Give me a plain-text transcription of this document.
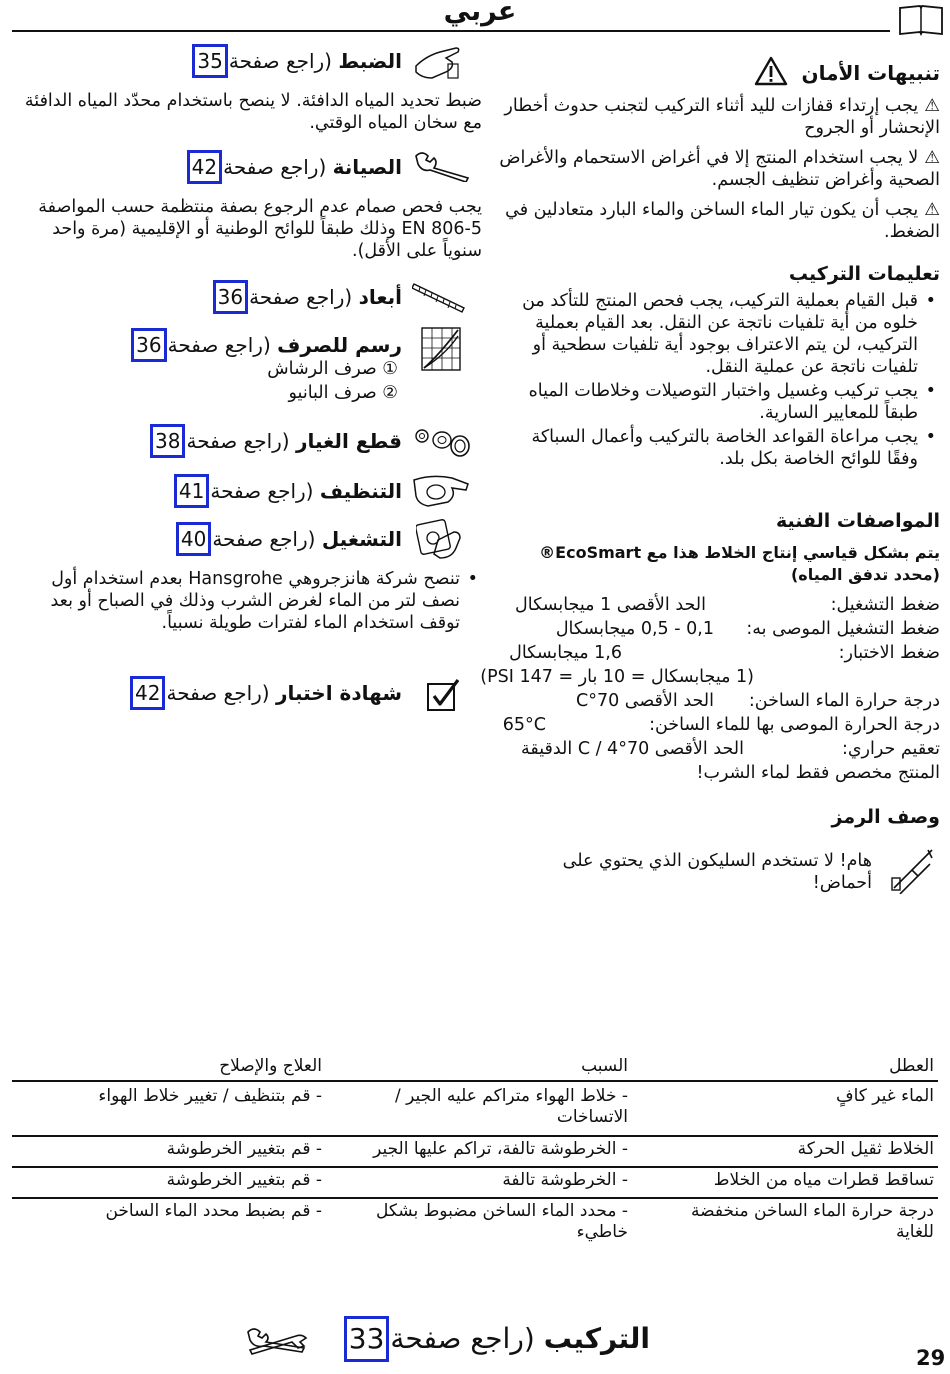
عربي
تنبيهات الأمان
⚠يجب إرتداء قفازات لليد أثناء التركيب لتجنب حدوث أخطار الإنحشار أو الجروح
⚠لا يجب استخدام المنتج إلا في أغراض الاستحمام والأغراض الصحية وأغراض تنظيف الجسم.
⚠يجب أن يكون تيار الماء الساخن والماء البارد متعادلين في الضغط.
تعليمات التركيب
• قبل القيام بعملية التركيب، يجب فحص المنتج للتأكد من خلوه من أية تلفيات ناتجة عن النقل. بعد القيام بعملية التركيب، لن يتم الاعتراف بوجود أية تلفيات سطحية أو تلفيات ناتجة عن عملية النقل.
• يجب تركيب وغسيل واختبار التوصيلات وخلاطات المياه طبقاً للمعايير السارية.
• يجب مراعاة القواعد الخاصة بالتركيب وأعمال السباكة وفقًا للوائح الخاصة بكل بلد.
المواصفات الفنية
يتم بشكل قياسي إنتاج الخلاط هذا مع EcoSmart®
(محدد تدفق المياه)
ضغط التشغيل:
الحد الأقصى 1 ميجابسكال
ضغط التشغيل الموصى به:
0,1 - 0,5 ميجابسكال
ضغط الاختبار:
1,6 ميجابسكال
(1 ميجابسكال = 10 بار = 147 PSI)
درجة حرارة الماء الساخن:
الحد الأقصى 70°C
درجة الحرارة الموصى بها للماء الساخن:
65°C
تعقيم حراري:
الحد الأقصى 70°C / 4 الدقيقة
المنتج مخصص فقط لماء الشرب!
وصف الرمز
هام! لا تستخدم السليكون الذي يحتوي على
أحماض!
الضبط (راجع صفحة35
ضبط تحديد المياه الدافئة. لا ينصح باستخدام محدّد المياه الدافئة مع سخان المياه الوقتي.
الصيانة (راجع صفحة42
يجب فحص صمام عدم الرجوع بصفة منتظمة حسب المواصفة EN 806-5 وذلك طبقاً للوائح الوطنية أو الإقليمية (مرة واحد سنوياً على الأقل).
أبعاد (راجع صفحة36
رسم للصرف (راجع صفحة36
① صرف الرشاش
② صرف البانيو
قطع الغيار (راجع صفحة38
التنظيف (راجع صفحة41
التشغيل (راجع صفحة40
•
تنصح شركة هانزجروهي Hansgrohe بعدم استخدام أول نصف لتر من الماء لغرض الشرب وذلك في الصباح أو بعد توقف استخدام الماء لفترات طويلة نسبياً.
شهادة اختبار (راجع صفحة42
العطل
السبب
العلاج والإصلاح
الماء غير كافٍ
- خلاط الهواء متراكم عليه الجير / الاتساخات
- قم بتنظيف / تغيير خلاط الهواء
الخلاط ثقيل الحركة
- الخرطوشة تالفة، تراكم عليها الجير
- قم بتغيير الخرطوشة
تساقط قطرات مياه من الخلاط
- الخرطوشة تالفة
- قم بتغيير الخرطوشة
درجة حرارة الماء الساخن منخفضة للغاية
- محدد الماء الساخن مضبوط بشكل خاطيء
- قم بضبط محدد الماء الساخن
التركيب (راجع صفحة33
29
